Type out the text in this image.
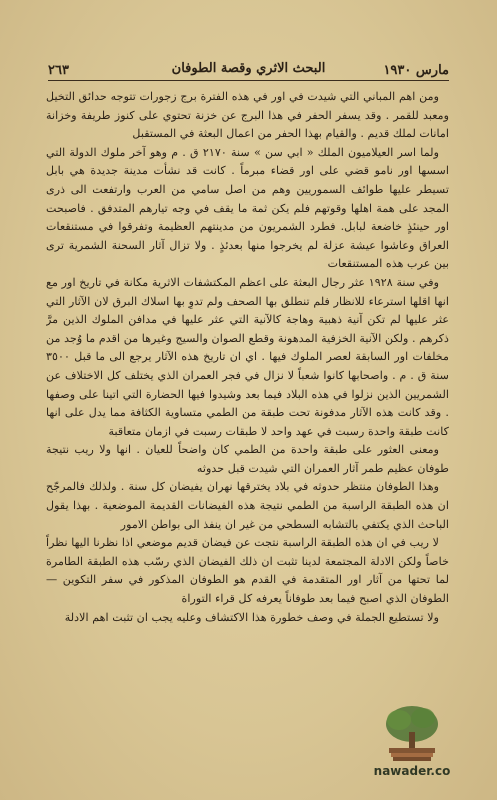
مارس ١٩٣٠
البحث الاثري وقصة الطوفان
٢٦٣

ومن اهم المباني التي شيدت في اور في هذه الفترة برج زجورات تتوجه حدائق التخيل ومعبد للقمر . وقد يسفر الحفر في هذا البرج عن خزنة تحتوي على كنوز طريفة وخزانة امانات لملك قديم . والقيام بهذا الحفر من اعمال البعثة في المستقبل

ولما اسر العيلاميون الملك « ابي سن » سنة ٢١٧٠ ق . م وهو آخر ملوك الدولة التي اسسها اور نامو قضي على اور قضاء مبرماً . كانت قد نشأت مدينة جديدة هي بابل تسيطر عليها طوائف السموريين وهم من اصل سامي من العرب وارتفعت الى ذرى المجد على همة اهلها وقوتهم فلم يكن ثمة ما يقف في وجه تيارهم المتدفق . فاصبحت اور حينئذٍ خاضعة لبابل. فطرد الشمريون من مدينتهم العظيمة وتفرقوا في مستنقعات العراق وعاشوا عيشة عزلة لم يخرجوا منها بعدئذٍ . ولا تزال آثار السحنة الشمرية ترى بين عرب هذه المستنقعات

وفي سنة ١٩٢٨ عثر رجال البعثة على اعظم المكتشفات الاثرية مكانة في تاريخ اور مع انها اقلها استرعاء للانظار فلم تنطلق بها الصحف ولم تدوِ بها اسلاك البرق لان الآثار التي عثر عليها لم تكن آنية ذهبية وهاجة كالآنية التي عثر عليها في مدافن الملوك الذين مرَّ ذكرهم . ولكن الآنية الخزفية المدهونة وقطع الصوان والسيج وغيرها من اقدم ما وُجد من مخلفات اور السابقة لعصر الملوك فيها . اي ان تاريخ هذه الآثار يرجع الى ما قبل ٣٥٠٠ سنة ق . م . واصحابها كانوا شعباً لا نزال في فجر العمران الذي يختلف كل الاختلاف عن الشمريين الذين نزلوا في هذه البلاد فيما بعد وشيدوا فيها الحضارة التي اتينا على وصفها . وقد كانت هذه الآثار مدفونة تحت طبقة من الطمي متساوية الكثافة مما يدل على انها كانت طبقة واحدة رسبت في عهد واحد لا طبقات رسبت في ازمان متعاقبة

ومعنى العثور على طبقة واحدة من الطمي كان واضحاً للعيان . انها ولا ريب نتيجة طوفان عظيم طمر آثار العمران التي شيدت قبل حدوثه

وهذا الطوفان منتظر حدوثه في بلاد يخترقها نهران يفيضان كل سنة . ولذلك فالمرجّح ان هذه الطبقة الراسبة من الطمي نتيجة هذه الفيضانات القديمة الموضعية . بهذا يقول الباحث الذي يكتفي بالتشابه السطحي من غير ان ينفذ الى بواطن الامور

لا ريب في ان هذه الطبقة الراسبة نتجت عن فيضان قديم موضعي اذا نظرنا اليها نظراً خاصاً ولكن الادلة المجتمعة لدينا تثبت ان ذلك الفيضان الذي رسّب هذه الطبقة الطامرة لما تحتها من آثار اور المتقدمة في القدم هو الطوفان المذكور في سفر التكوين — الطوفان الذي اصبح فيما بعد طوفاناً يعرفه كل قراء التوراة

ولا تستطيع الجملة في وصف خطورة هذا الاكتشاف وعليه يجب ان تثبت اهم الادلة

nawader.co
